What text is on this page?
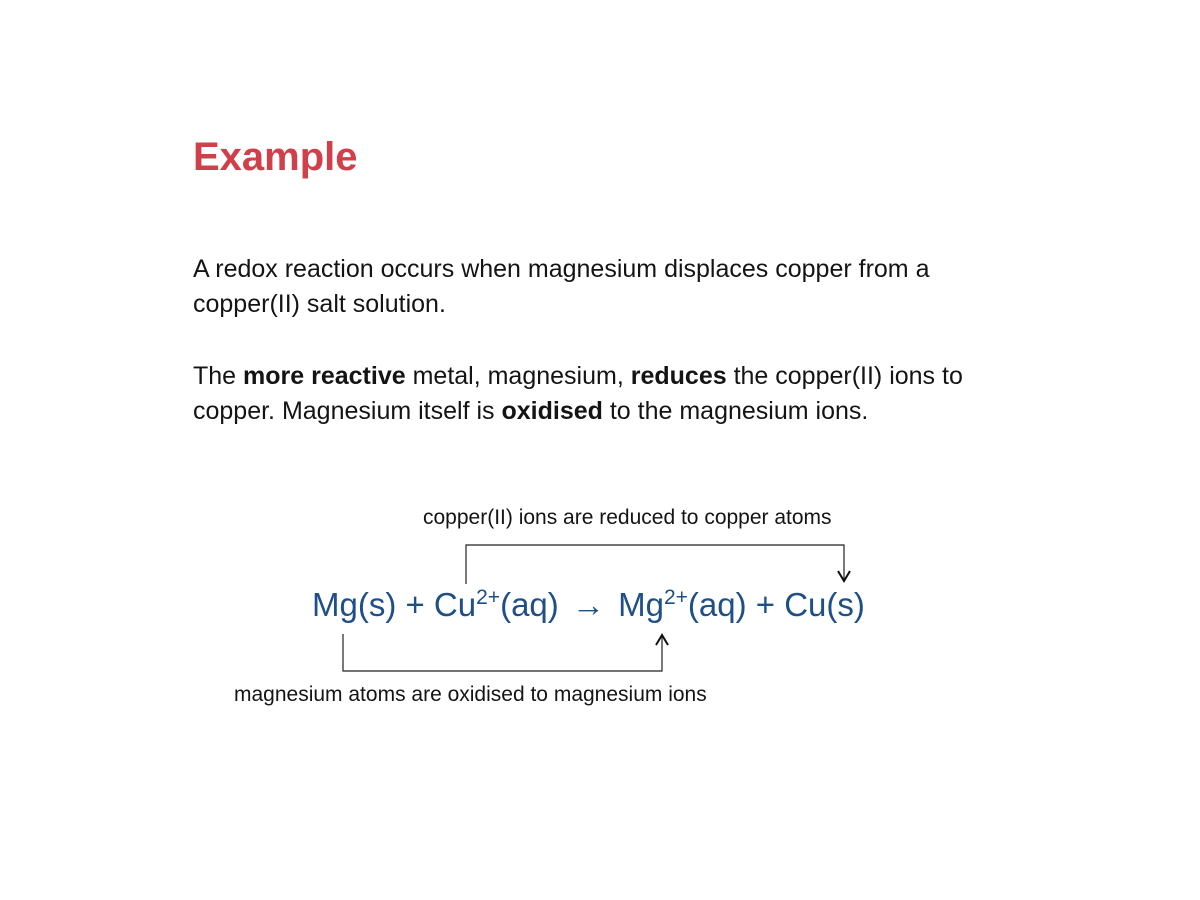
Example

A redox reaction occurs when magnesium displaces copper from a copper(II) salt solution.

The more reactive metal, magnesium, reduces the copper(II) ions to copper. Magnesium itself is oxidised to the magnesium ions.

copper(II) ions are reduced to copper atoms
$Mg(s) + Cu^{2+}(aq) \to Mg^{2+}(aq) + Cu(s)$
magnesium atoms are oxidised to magnesium ions
